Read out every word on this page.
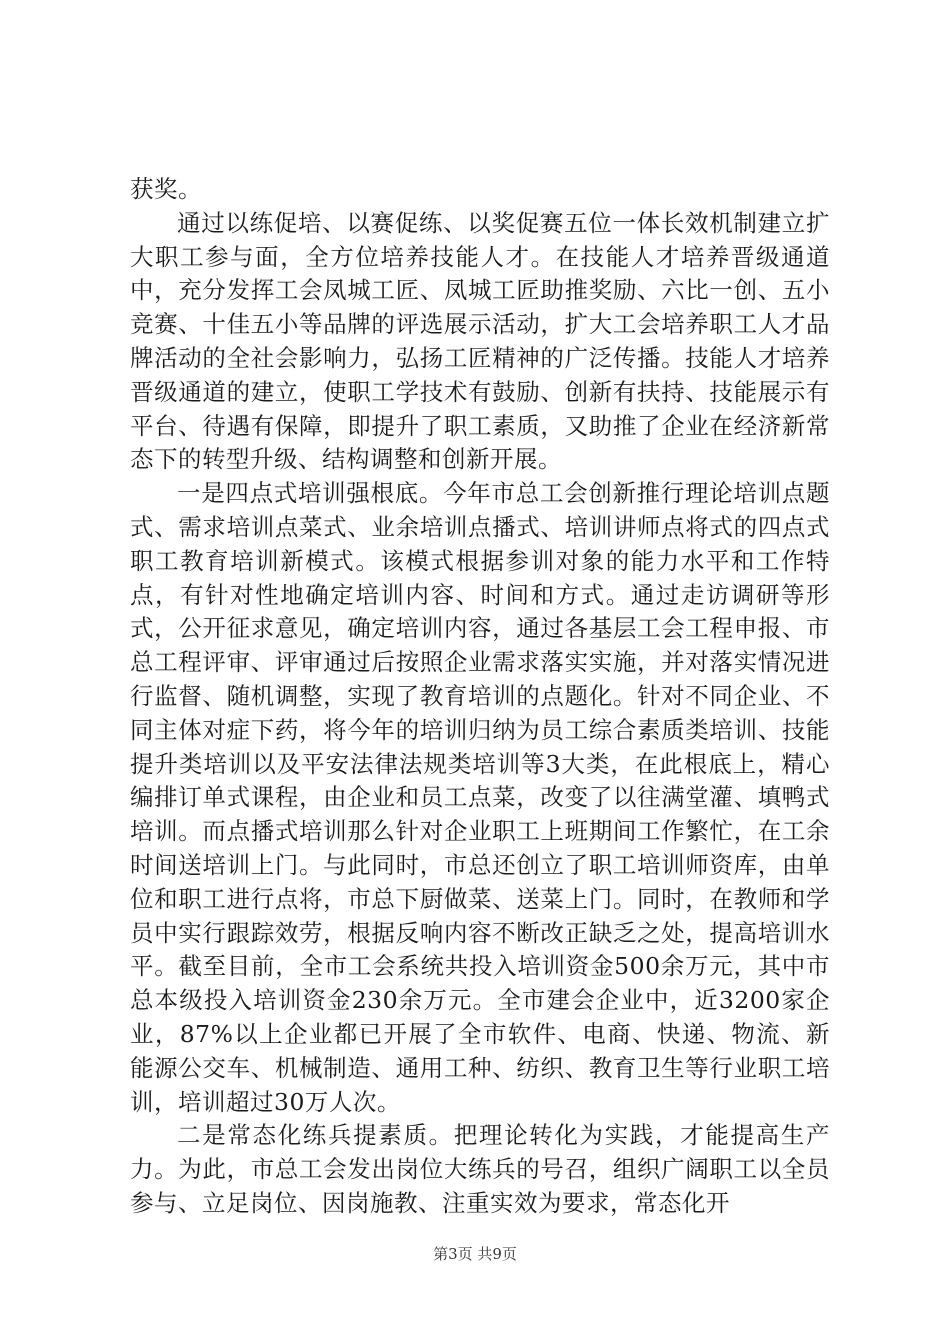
获奖。

通过以练促培、以赛促练、以奖促赛五位一体长效机制建立扩大职工参与面，全方位培养技能人才。在技能人才培养晋级通道中，充分发挥工会凤城工匠、凤城工匠助推奖励、六比一创、五小竞赛、十佳五小等品牌的评选展示活动，扩大工会培养职工人才品牌活动的全社会影响力，弘扬工匠精神的广泛传播。技能人才培养晋级通道的建立，使职工学技术有鼓励、创新有扶持、技能展示有平台、待遇有保障，即提升了职工素质，又助推了企业在经济新常态下的转型升级、结构调整和创新开展。

一是四点式培训强根底。今年市总工会创新推行理论培训点题式、需求培训点菜式、业余培训点播式、培训讲师点将式的四点式职工教育培训新模式。该模式根据参训对象的能力水平和工作特点，有针对性地确定培训内容、时间和方式。通过走访调研等形式，公开征求意见，确定培训内容，通过各基层工会工程申报、市总工程评审、评审通过后按照企业需求落实实施，并对落实情况进行监督、随机调整，实现了教育培训的点题化。针对不同企业、不同主体对症下药，将今年的培训归纳为员工综合素质类培训、技能提升类培训以及平安法律法规类培训等3大类，在此根底上，精心编排订单式课程，由企业和员工点菜，改变了以往满堂灌、填鸭式培训。而点播式培训那么针对企业职工上班期间工作繁忙，在工余时间送培训上门。与此同时，市总还创立了职工培训师资库，由单位和职工进行点将，市总下厨做菜、送菜上门。同时，在教师和学员中实行跟踪效劳，根据反响内容不断改正缺乏之处，提高培训水平。截至目前，全市工会系统共投入培训资金500余万元，其中市总本级投入培训资金230余万元。全市建会企业中，近3200家企业，87%以上企业都已开展了全市软件、电商、快递、物流、新能源公交车、机械制造、通用工种、纺织、教育卫生等行业职工培训，培训超过30万人次。

二是常态化练兵提素质。把理论转化为实践，才能提高生产力。为此，市总工会发出岗位大练兵的号召，组织广阔职工以全员参与、立足岗位、因岗施教、注重实效为要求，常态化开

第3页 共9页
